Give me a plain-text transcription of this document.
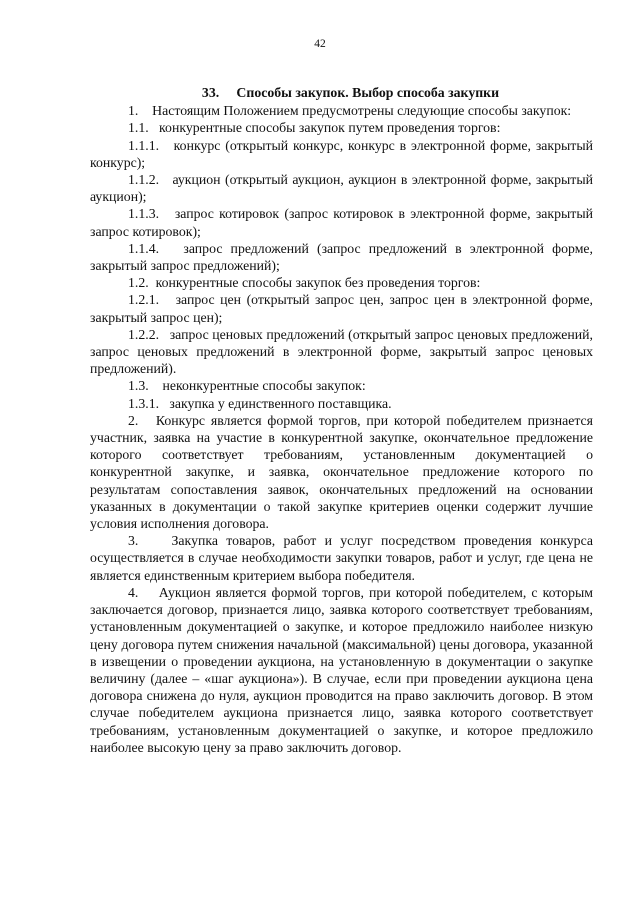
42
33. Способы закупок. Выбор способа закупки

1.    Настоящим Положением предусмотрены следующие способы закупок:

1.1.   конкурентные способы закупок путем проведения торгов:

1.1.1.   конкурс (открытый конкурс, конкурс в электронной форме, закрытый конкурс);

1.1.2.   аукцион (открытый аукцион, аукцион в электронной форме, закрытый аукцион);

1.1.3.   запрос котировок (запрос котировок в электронной форме, закрытый запрос котировок);

1.1.4.   запрос предложений (запрос предложений в электронной форме, закрытый запрос предложений);

1.2.  конкурентные способы закупок без проведения торгов:

1.2.1.   запрос цен (открытый запрос цен, запрос цен в электронной форме, закрытый запрос цен);

1.2.2.   запрос ценовых предложений (открытый запрос ценовых предложений, запрос ценовых предложений в электронной форме, закрытый запрос ценовых предложений).

1.3.    неконкурентные способы закупок:

1.3.1.   закупка у единственного поставщика.

2.   Конкурс является формой торгов, при которой победителем признается участник, заявка на участие в конкурентной закупке, окончательное предложение которого соответствует требованиям, установленным документацией о конкурентной закупке, и заявка, окончательное предложение которого по результатам сопоставления заявок, окончательных предложений на основании указанных в документации о такой закупке критериев оценки содержит лучшие условия исполнения договора.

3.    Закупка товаров, работ и услуг посредством проведения конкурса осуществляется в случае необходимости закупки товаров, работ и услуг, где цена не является единственным критерием выбора победителя.

4.    Аукцион является формой торгов, при которой победителем, с которым заключается договор, признается лицо, заявка которого соответствует требованиям, установленным документацией о закупке, и которое предложило наиболее низкую цену договора путем снижения начальной (максимальной) цены договора, указанной в извещении о проведении аукциона, на установленную в документации о закупке величину (далее – «шаг аукциона»). В случае, если при проведении аукциона цена договора снижена до нуля, аукцион проводится на право заключить договор. В этом случае победителем аукциона признается лицо, заявка которого соответствует требованиям, установленным документацией о закупке, и которое предложило наиболее высокую цену за право заключить договор.
